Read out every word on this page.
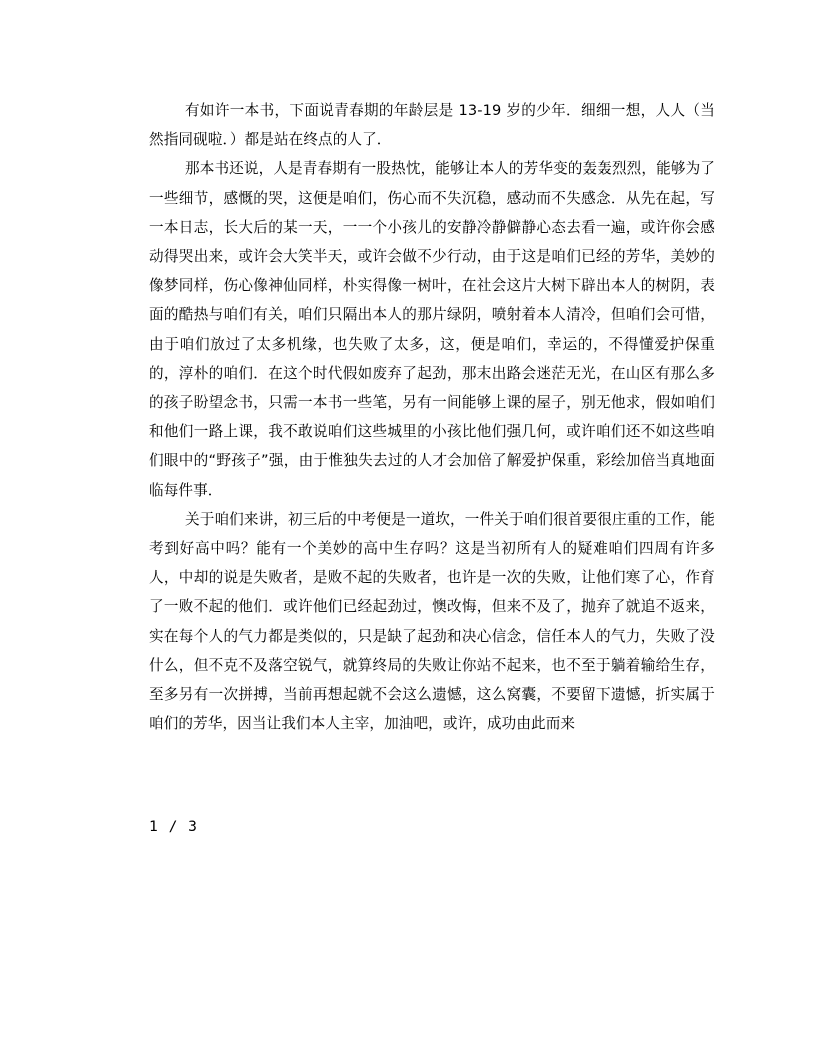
有如许一本书，下面说青春期的年龄层是 13-19 岁的少年．细细一想，人人（当然指同砚啦．）都是站在终点的人了．

那本书还说，人是青春期有一股热忱，能够让本人的芳华变的轰轰烈烈，能够为了一些细节，感慨的哭，这便是咱们，伤心而不失沉稳，感动而不失感念．从先在起，写一本日志，长大后的某一天，一一个小孩儿的安静冷静僻静心态去看一遍，或许你会感动得哭出来，或许会大笑半天，或许会做不少行动，由于这是咱们已经的芳华，美妙的像梦同样，伤心像神仙同样，朴实得像一树叶，在社会这片大树下辟出本人的树阴，表面的酷热与咱们有关，咱们只隔出本人的那片绿阴，喷射着本人清冷，但咱们会可惜，由于咱们放过了太多机缘，也失败了太多，这，便是咱们，幸运的，不得懂爱护保重的，淳朴的咱们．在这个时代假如废弃了起劲，那末出路会迷茫无光，在山区有那么多的孩子盼望念书，只需一本书一些笔，另有一间能够上课的屋子，别无他求，假如咱们和他们一路上课，我不敢说咱们这些城里的小孩比他们强几何，或许咱们还不如这些咱们眼中的“野孩子”强，由于惟独失去过的人才会加倍了解爱护保重，彩绘加倍当真地面临每件事．

关于咱们来讲，初三后的中考便是一道坎，一件关于咱们很首要很庄重的工作，能考到好高中吗？能有一个美妙的高中生存吗？这是当初所有人的疑难咱们四周有许多人，中却的说是失败者，是败不起的失败者，也许是一次的失败，让他们寒了心，作育了一败不起的他们．或许他们已经起劲过，懊改悔，但来不及了，抛弃了就追不返来，实在每个人的气力都是类似的，只是缺了起劲和决心信念，信任本人的气力，失败了没什么，但不克不及落空锐气，就算终局的失败让你站不起来，也不至于躺着输给生存，至多另有一次拼搏，当前再想起就不会这么遗憾，这么窝囊，不要留下遗憾，折实属于咱们的芳华，因当让我们本人主宰，加油吧，或许，成功由此而来

1 / 3
